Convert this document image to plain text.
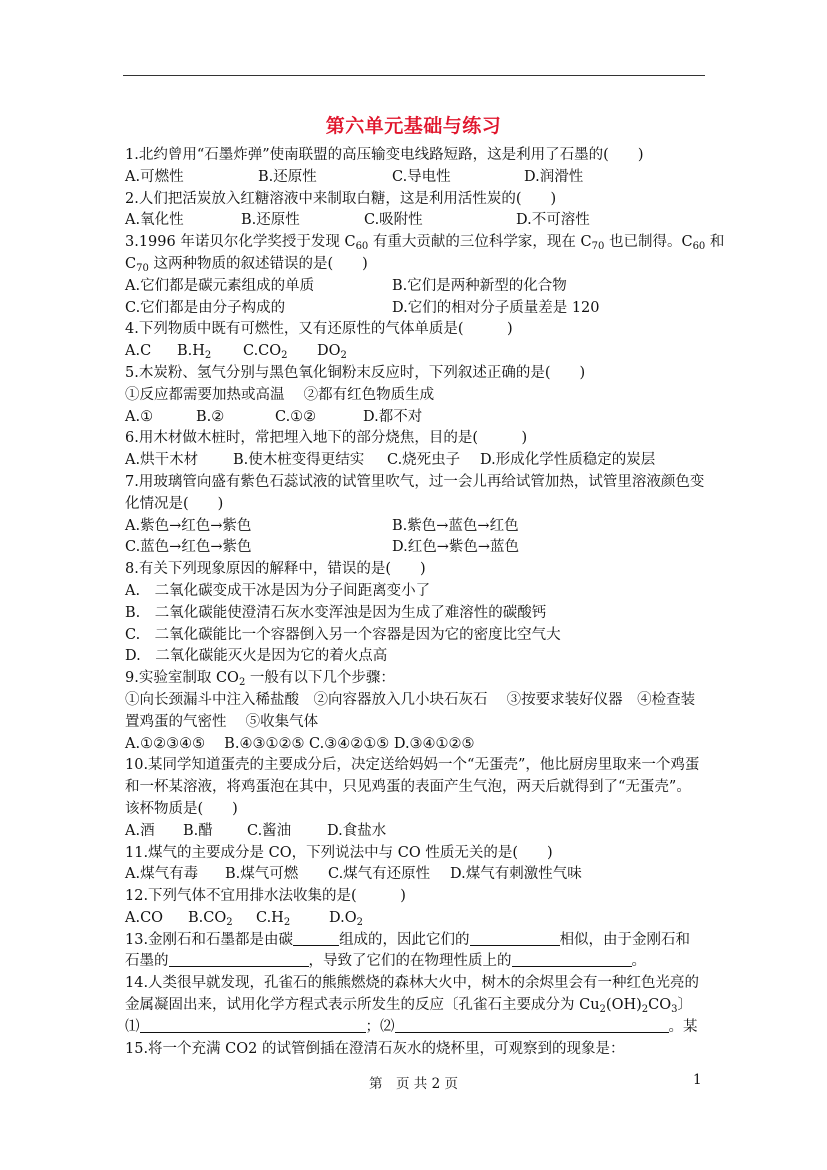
第六单元基础与练习
1.北约曾用“石墨炸弹”使南联盟的高压输变电线路短路，这是利用了石墨的(　　)
A.可燃性	B.还原性	C.导电性	D.润滑性
2.人们把活炭放入红糖溶液中来制取白糖，这是利用活性炭的(　　)
A.氧化性	B.还原性	C.吸附性	D.不可溶性
3.1996 年诺贝尔化学奖授于发现 $C_{60}$ 有重大贡献的三位科学家，现在 $C_{70}$ 也已制得。$C_{60}$ 和
$C_{70}$ 这两种物质的叙述错误的是(　　)
A.它们都是碳元素组成的单质	B.它们是两种新型的化合物
C.它们都是由分子构成的	D.它们的相对分子质量差是 120
4.下列物质中既有可燃性，又有还原性的气体单质是(　　　)
A.C $B.H_2$ $C.CO_2$ $DO_2$
5.木炭粉、氢气分别与黑色氧化铜粉末反应时，下列叙述正确的是(　　)
①反应都需要加热或高温　 ②都有红色物质生成
A.①	B.②	C.①②	D.都不对
6.用木材做木桩时，常把埋入地下的部分烧焦，目的是(　　　)
A.烘干木材 B.使木桩变得更结实 C.烧死虫子 D.形成化学性质稳定的炭层
7.用玻璃管向盛有紫色石蕊试液的试管里吹气，过一会儿再给试管加热，试管里溶液颜色变
化情况是(　　)
A.紫色→红色→紫色	B.紫色→蓝色→红色
C.蓝色→红色→紫色	D.红色→紫色→蓝色
8.有关下列现象原因的解释中，错误的是(　　)
A.　二氧化碳变成干冰是因为分子间距离变小了
B.　二氧化碳能使澄清石灰水变浑浊是因为生成了难溶性的碳酸钙
C.　二氧化碳能比一个容器倒入另一个容器是因为它的密度比空气大
D.　二氧化碳能灭火是因为它的着火点高
9.实验室制取 $CO_2$ 一般有以下几个步骤：
①向长颈漏斗中注入稀盐酸　②向容器放入几小块石灰石　 ③按要求装好仪器　④检查装
置鸡蛋的气密性　 ⑤收集气体
A.①②③④⑤　 B.④③①②⑤ C.③④②①⑤ D.③④①②⑤
10.某同学知道蛋壳的主要成分后，决定送给妈妈一个“无蛋壳”，他比厨房里取来一个鸡蛋
和一杯某溶液，将鸡蛋泡在其中，只见鸡蛋的表面产生气泡，两天后就得到了“无蛋壳”。
该杯物质是(　　)
A.酒 B.醋 C.酱油 D.食盐水
11.煤气的主要成分是 CO，下列说法中与 CO 性质无关的是(　　)
A.煤气有毒 B.煤气可燃 C.煤气有还原性 D.煤气有刺激性气味
12.下列气体不宜用排水法收集的是(　　　)
A.CO $B.CO_2$ $C.H_2$	$D.O_2$
13.金刚石和石墨都是由碳	组成的，因此它们的	相似，由于金刚石和
石墨的	，导致了它们的在物理性质上的	。
14.人类很早就发现，孔雀石的熊熊燃烧的森林大火中，树木的余烬里会有一种红色光亮的
金属凝固出来，试用化学方程式表示所发生的反应〔孔雀石主要成分为 $Cu_2(OH)_2CO_3$〕
⑴	；⑵	。某
15.将一个充满 CO2 的试管倒插在澄清石灰水的烧杯里，可观察到的现象是：
第　页 共 2 页	1
